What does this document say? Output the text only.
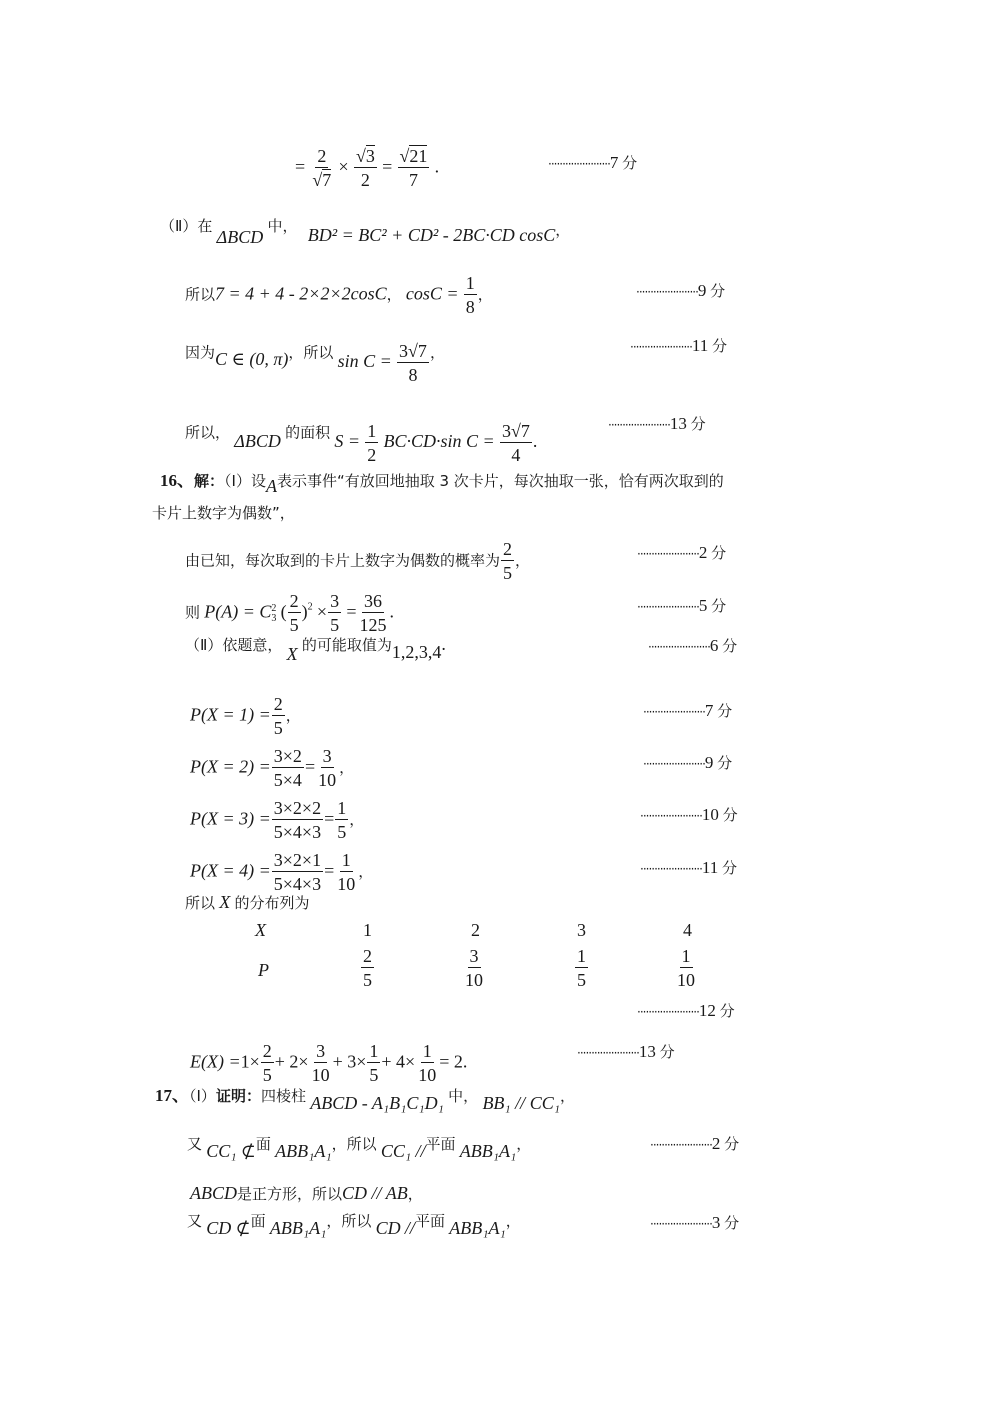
= $\frac{2}{√7} \times \frac{√3}{2} = \frac{√21}{7}$ .	······················7 分
（Ⅱ）在 ΔBCD 中， BD² = BC² + CD² - 2BC·CD cosC，
所以7 = 4 + 4 - 2×2×2cosC， $\cos C = \frac{1}{8}$ ，	······················9 分
因为C ∈ (0, π)，所以 $\sin C = \frac{3√7}{8}$ ，	······················11 分
所以， ΔBCD 的面积 $S = \frac{1}{2} BC\cdot CD\cdot\sin$ $C = \frac{3√7}{4}$ .
······················13 分
16、解：（Ⅰ）设A表示事件“有放回地抽取 3 次卡片，每次抽取一张，恰有两次取到的
卡片上数字为偶数”，
由已知，每次取到的卡片上数字为偶数的概率为 $\frac{2}{5}$ ，	······················2 分
则 P(A) = C 2
3 ( $\frac{2}{5} )^2 \times \frac{3}{5} = \frac{36}{125}$ .	······················5 分
（Ⅱ）依题意， X 的可能取值为1,2,3,4.	······················6 分
$P(X = 1) = \frac{2}{5}$ ，	······················7 分
$P(X = 2) = \frac{3\times 2}{5\times 4} = \frac{3}{10}$ ，	······················9 分
$P(X = 3) = \frac{3\times 2\times 2}{5\times 4\times 3} = \frac{1}{5}$ ，	······················10 分
$P(X = 4) = \frac{3\times 2\times 1}{5\times 4\times 3} = \frac{1}{10}$ ，	······················11 分
所以 X 的分布列为
X	1	2	3	4
P	$\frac{2}{5}$	$\frac{3}{10}$	$\frac{1}{5}$	$\frac{1}{10}$
······················12 分
$E(X) =1\times \frac{2}{5} + 2\times \frac{3}{10} + 3\times \frac{1}{5} + 4\times \frac{1}{10} = 2$.	······················13 分
17、（Ⅰ）证明：四棱柱 ABCD - A₁B₁C₁D₁ 中， BB₁ // CC₁，
又 CC₁ ⊄面 ABB₁A₁，所以 CC₁ //平面 ABB₁A₁，	······················2 分
ABCD是正方形，所以CD // AB，
又 CD ⊄面 ABB₁A₁，所以 CD //平面 ABB₁A₁，	······················3 分
